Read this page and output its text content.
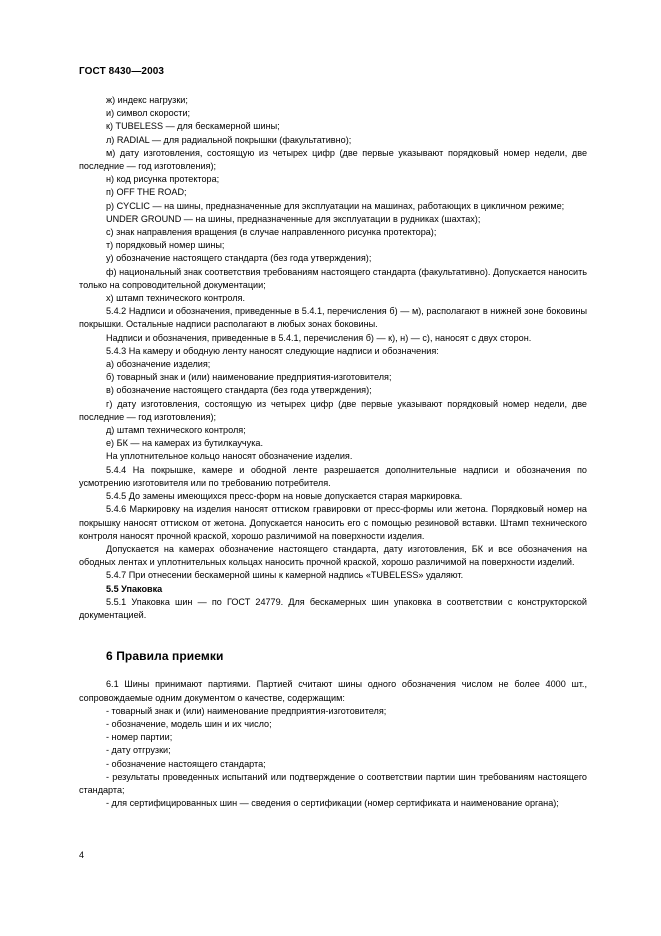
ГОСТ 8430—2003

ж) индекс нагрузки;

и) символ скорости;

к) TUBELESS — для бескамерной шины;

л) RADIAL — для радиальной покрышки (факультативно);

м) дату изготовления, состоящую из четырех цифр (две первые указывают порядковый номер недели, две последние — год изготовления);

н) код рисунка протектора;

п) OFF THE ROAD;

р) CYCLIC — на шины, предназначенные для эксплуатации на машинах, работающих в цикличном режиме;

UNDER GROUND — на шины, предназначенные для эксплуатации в рудниках (шахтах);

с) знак направления вращения (в случае направленного рисунка протектора);

т) порядковый номер шины;

у) обозначение настоящего стандарта (без года утверждения);

ф) национальный знак соответствия требованиям настоящего стандарта (факультативно). Допускается наносить только на сопроводительной документации;

х) штамп технического контроля.

5.4.2 Надписи и обозначения, приведенные в 5.4.1, перечисления б) — м), располагают в нижней зоне боковины покрышки. Остальные надписи располагают в любых зонах боковины.

Надписи и обозначения, приведенные в 5.4.1, перечисления б) — к), н) — с), наносят с двух сторон.

5.4.3 На камеру и ободную ленту наносят следующие надписи и обозначения:

а) обозначение изделия;

б) товарный знак и (или) наименование предприятия-изготовителя;

в) обозначение настоящего стандарта (без года утверждения);

г) дату изготовления, состоящую из четырех цифр (две первые указывают порядковый номер недели, две последние — год изготовления);

д) штамп технического контроля;

е) БК — на камерах из бутилкаучука.

На уплотнительное кольцо наносят обозначение изделия.

5.4.4 На покрышке, камере и ободной ленте разрешается дополнительные надписи и обозначения по усмотрению изготовителя или по требованию потребителя.

5.4.5 До замены имеющихся пресс-форм на новые допускается старая маркировка.

5.4.6 Маркировку на изделия наносят оттиском гравировки от пресс-формы или жетона. Порядковый номер на покрышку наносят оттиском от жетона. Допускается наносить его с помощью резиновой вставки. Штамп технического контроля наносят прочной краской, хорошо различимой на поверхности изделия.

Допускается на камерах обозначение настоящего стандарта, дату изготовления, БК и все обозначения на ободных лентах и уплотнительных кольцах наносить прочной краской, хорошо различимой на поверхности изделий.

5.4.7 При отнесении бескамерной шины к камерной надпись «TUBELESS» удаляют.

5.5 Упаковка

5.5.1 Упаковка шин — по ГОСТ 24779. Для бескамерных шин упаковка в соответствии с конструкторской документацией.

6 Правила приемки

6.1 Шины принимают партиями. Партией считают шины одного обозначения числом не более 4000 шт., сопровождаемые одним документом о качестве, содержащим:

- товарный знак и (или) наименование предприятия-изготовителя;

- обозначение, модель шин и их число;

- номер партии;

- дату отгрузки;

- обозначение настоящего стандарта;

- результаты проведенных испытаний или подтверждение о соответствии партии шин требованиям настоящего стандарта;

- для сертифицированных шин — сведения о сертификации (номер сертификата и наименование органа);

4
